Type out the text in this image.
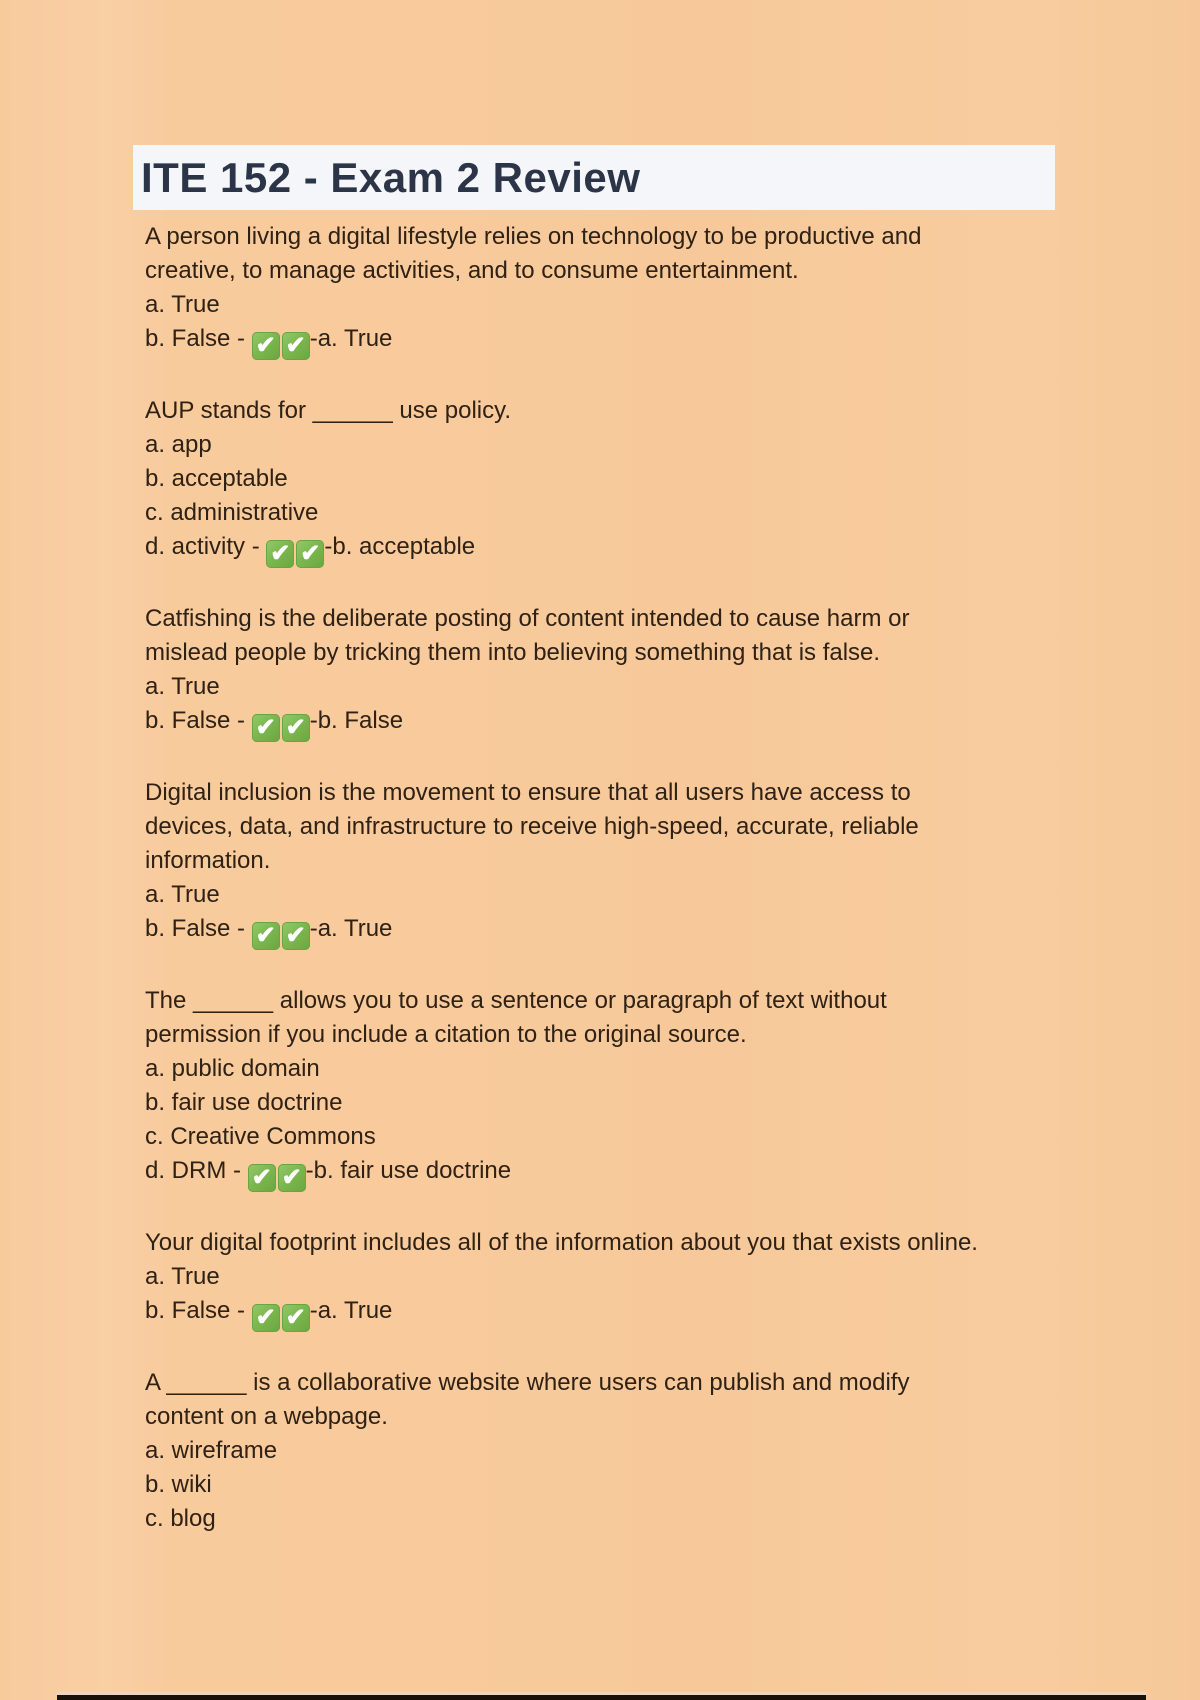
ITE 152 - Exam 2 Review
A person living a digital lifestyle relies on technology to be productive and
creative, to manage activities, and to consume entertainment.
a. True
b. False - ✔ ✔ -a. True
AUP stands for ______ use policy.
a. app
b. acceptable
c. administrative
d. activity - ✔ ✔ -b. acceptable
Catfishing is the deliberate posting of content intended to cause harm or
mislead people by tricking them into believing something that is false.
a. True
b. False - ✔ ✔ -b. False
Digital inclusion is the movement to ensure that all users have access to
devices, data, and infrastructure to receive high-speed, accurate, reliable
information.
a. True
b. False - ✔ ✔ -a. True
The ______ allows you to use a sentence or paragraph of text without
permission if you include a citation to the original source.
a. public domain
b. fair use doctrine
c. Creative Commons
d. DRM - ✔ ✔ -b. fair use doctrine
Your digital footprint includes all of the information about you that exists online.
a. True
b. False - ✔ ✔ -a. True
A ______ is a collaborative website where users can publish and modify
content on a webpage.
a. wireframe
b. wiki
c. blog
